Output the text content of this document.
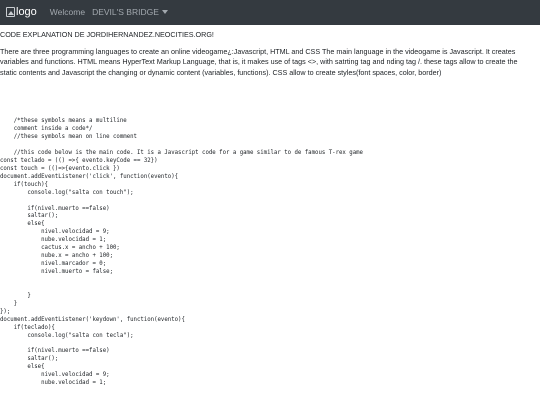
logo Welcome DEVIL'S BRIDGE

CODE EXPLANATION DE JORDIHERNANDEZ.NEOCITIES.ORG!

There are three programming languages to create an online videogame¿:Javascript, HTML and CSS The main language in the videogame is Javascript. It creates variables and functions. HTML means HyperText Markup Language, that is, it makes use of tags <>, with satrting tag and nding tag /. these tags allow to create the static contents and Javascript the changing or dynamic content (variables, functions). CSS allow to create styles(font spaces, color, border)

/*these symbols means a multiline
comment inside a code*/
//these symbols mean on line comment
//this code below is the main code. It is a Javascript code for a game similar to de famous T-rex game
const teclado = (() =>{ evento.keyCode == 32})
const touch = (()=>{evento.click })
document.addEventListener('click', function(evento){
if(touch){
console.log("salta con touch");
if(nivel.muerto ==false)
saltar();
else{
nivel.velocidad = 9;
nube.velocidad = 1;
cactus.x = ancho + 100;
nube.x = ancho + 100;
nivel.marcador = 0;
nivel.muerto = false;
}
}
});
document.addEventListener('keydown', function(evento){
if(teclado){
console.log("salta con tecla");
if(nivel.muerto ==false)
saltar();
else{
nivel.velocidad = 9;
nube.velocidad = 1;
